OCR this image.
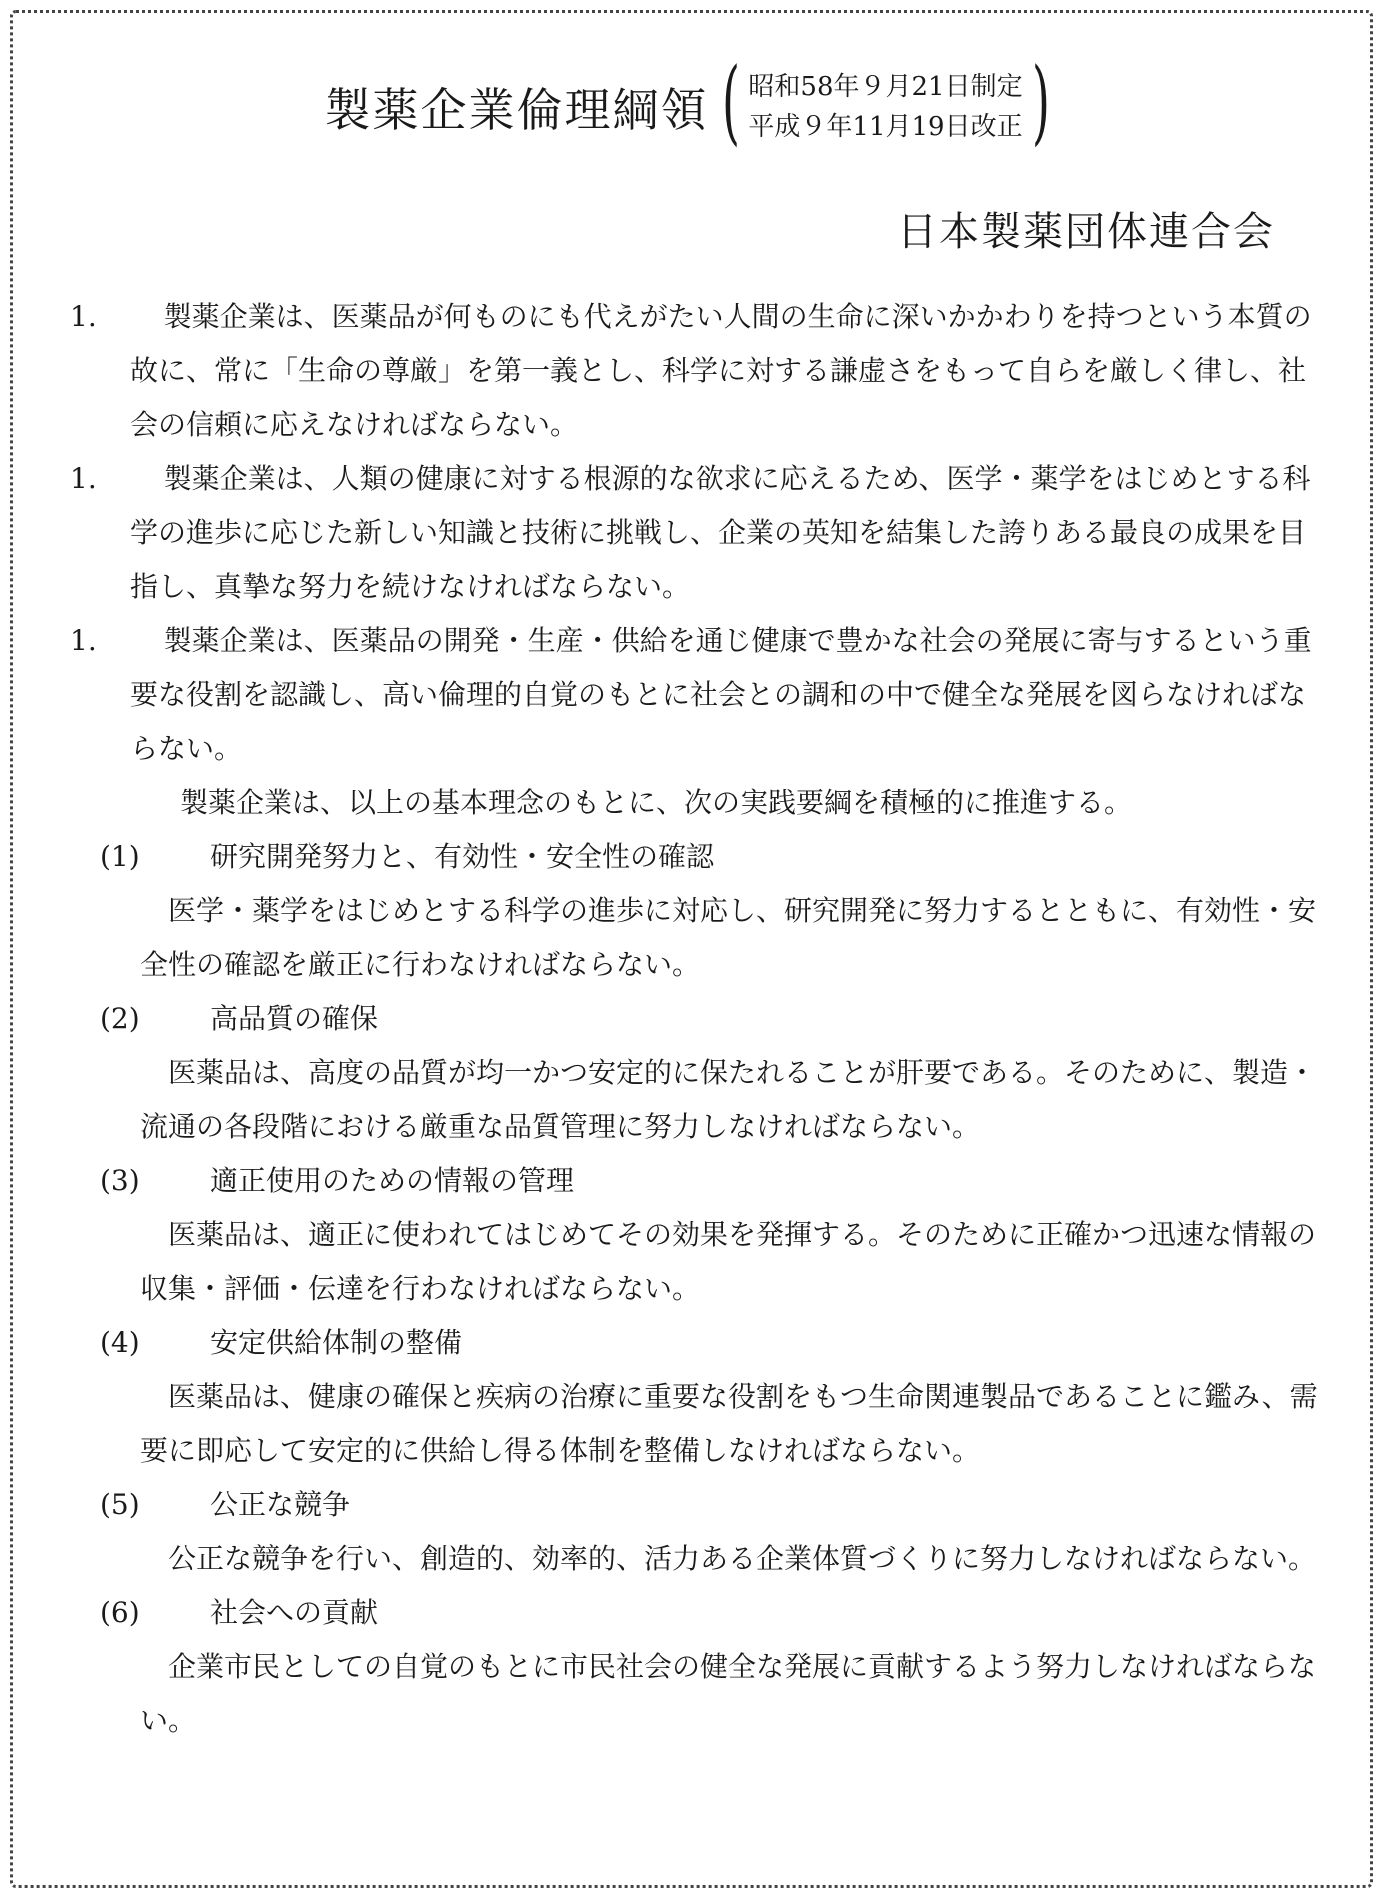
製薬企業倫理綱領 ( 昭和58年９月21日制定
平成９年11月19日改正 )
日本製薬団体連合会
1.	製薬企業は、医薬品が何ものにも代えがたい人間の生命に深いかかわりを持つという本質の故に、常に「生命の尊厳」を第一義とし、科学に対する謙虚さをもって自らを厳しく律し、社会の信頼に応えなければならない。
1.	製薬企業は、人類の健康に対する根源的な欲求に応えるため、医学・薬学をはじめとする科学の進歩に応じた新しい知識と技術に挑戦し、企業の英知を結集した誇りある最良の成果を目指し、真摯な努力を続けなければならない。
1.	製薬企業は、医薬品の開発・生産・供給を通じ健康で豊かな社会の発展に寄与するという重要な役割を認識し、高い倫理的自覚のもとに社会との調和の中で健全な発展を図らなければならない。
製薬企業は、以上の基本理念のもとに、次の実践要綱を積極的に推進する。
(1)	研究開発努力と、有効性・安全性の確認
医学・薬学をはじめとする科学の進歩に対応し、研究開発に努力するとともに、有効性・安全性の確認を厳正に行わなければならない。
(2)	高品質の確保
医薬品は、高度の品質が均一かつ安定的に保たれることが肝要である。そのために、製造・流通の各段階における厳重な品質管理に努力しなければならない。
(3)	適正使用のための情報の管理
医薬品は、適正に使われてはじめてその効果を発揮する。そのために正確かつ迅速な情報の収集・評価・伝達を行わなければならない。
(4)	安定供給体制の整備
医薬品は、健康の確保と疾病の治療に重要な役割をもつ生命関連製品であることに鑑み、需要に即応して安定的に供給し得る体制を整備しなければならない。
(5)	公正な競争
公正な競争を行い、創造的、効率的、活力ある企業体質づくりに努力しなければならない。
(6)	社会への貢献
企業市民としての自覚のもとに市民社会の健全な発展に貢献するよう努力しなければならない。
